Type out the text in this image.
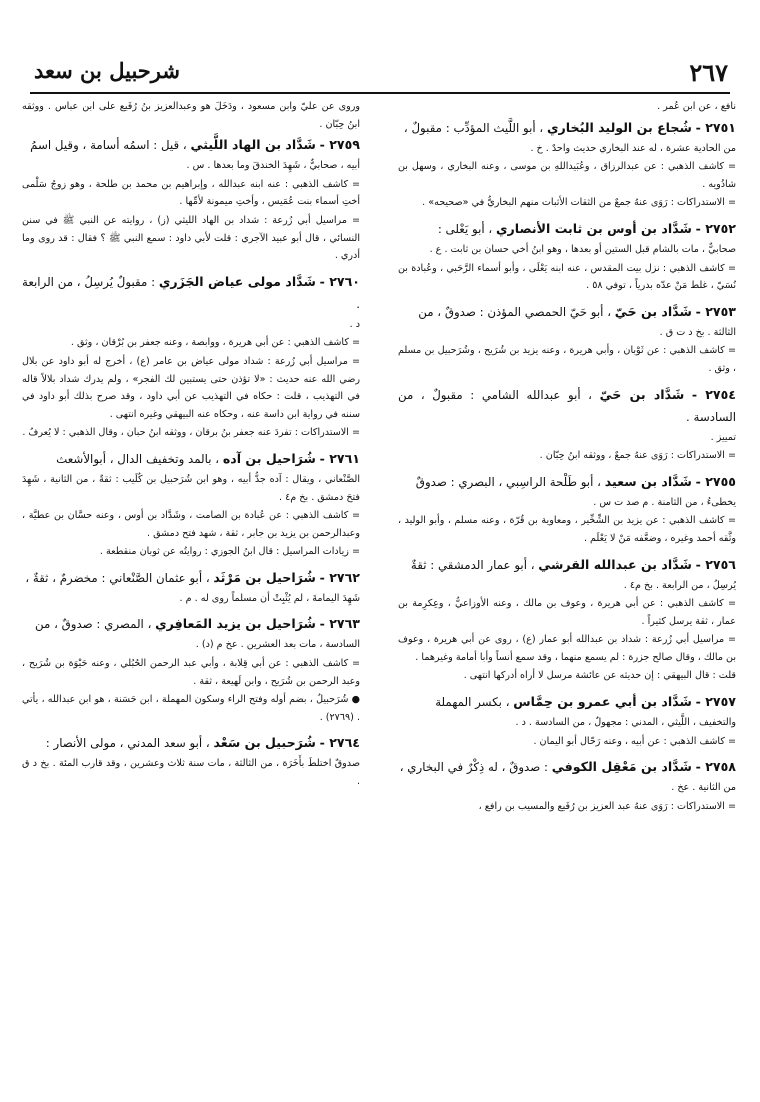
٢٦٧
شرحبيل بن سعد

نافع ، عن ابن عُمر .

٢٧٥١ - شُجاع بن الوليد البُخاري ، أبو اللَّيث المؤدِّب : مقبولٌ ،

من الحادية عشرة ، له عند البخاري حديث واحدٌ . خ .

= كاشف الذهبي : عن عبدالرزاق ، وعُبَيداللهِ بن موسى ، وعنه البخاري ، وسهل بن شاذُويه .

= الاستدراكات : رَوَى عنهُ جمعٌ من الثقات الأثبات منهم البخاريُّ في «صحيحه» .

٢٧٥٢ - شَدَّاد بن أوس بن ثابت الأنصاري ، أبو يَعْلى :

صحابيٌّ ، مات بالشام قبل الستين أو بعدها ، وهو ابنُ أخي حسان بن ثابت . ع .

= كاشف الذهبي : نزل بيت المقدس ، عنه ابنه يَعْلَى ، وأبو أسماء الرَّحَبي ، وعُبادة بن نُسَيّ ، غلط مَنْ عدّه بدرياً ، توفي ٥٨ .

٢٧٥٣ - شَدَّاد بن حَيّ ، أبو حَيّ الحمصي المؤذن : صدوقٌ ، من

الثالثة . بخ د ت ق .

= كاشف الذهبي : عن ثَوْبان ، وأبي هريرة ، وعنه يزيد بن شُرَيح ، وشُرَحبيل بن مسلم ، وثق .

٢٧٥٤ - شَدَّاد بن حَيّ ، أبو عبدالله الشامي : مقبولٌ ، من السادسة .

تمييز .

= الاستدراكات : رَوَى عنهُ جمعٌ ، ووثقه ابنُ حِبّان .

٢٧٥٥ - شَدَّاد بن سعيد ، أبو طَلْحة الراسِبي ، البصري : صدوقٌ

يخطىءُ ، من الثامنة . م صد ت س .

= كاشف الذهبي : عن يزيد بن الشِّخِّير ، ومعاوية بن قُرّة ، وعنه مسلم ، وأبو الوليد ، وثَّقه أحمد وغيره ، وضعَّفه مَنْ لا يَعْلَم .

٢٧٥٦ - شَدَّاد بن عبدالله القرشي ، أبو عمار الدمشقي : ثقةٌ

يُرسِلُ ، من الرابعة . بخ م٤ .

= كاشف الذهبي : عن أبي هريرة ، وعوف بن مالك ، وعنه الأوزاعيُّ ، وعِكرِمة بن عمار ، ثقة يرسل كثيراً .

= مراسيل أبي زُرعة : شداد بن عبدالله أبو عمار (ع) ، روى عن أبي هريرة ، وعوف بن مالك ، وقال صالح جزرة : لم يسمع منهما ، وقد سمع أنساً وأبا أمامة وغيرهما .

قلت : قال البيهقي : إن حديثه عن عائشة مرسل لا أراه أدركها انتهى .

٢٧٥٧ - شَدَّاد بن أبي عمرو بن حِمَّاس ، بكسر المهملة

والتخفيف ، اللَّيثي ، المدني : مجهولٌ ، من السادسة . د .

= كاشف الذهبي : عن أبيه ، وعنه رَحّال أبو اليمان .

٢٧٥٨ - شَدَّاد بن مَعْقِل الكوفي : صدوقٌ ، له ذِكْرٌ في البخاري ،

من الثانية . عخ .

= الاستدراكات : رَوَى عنهُ عبد العزيز بن رُفَيع والمسيب بن رافع ،

وروى عن عليّ وابن مسعود ، ودَخَلَ هو وعبدالعزيز بنُ رُفَيع على ابن عباس . ووثقه ابنُ حِبّان .

٢٧٥٩ - شَدَّاد بن الهاد اللَّيثي ، قيل : اسمُه أسامة ، وقيل اسمُ

أبيه ، صحابيٌّ ، شَهِدَ الخندقَ وما بعدها . س .

= كاشف الذهبي : عنه ابنه عبدالله ، وإبراهيم بن محمد بن طلحة ، وهو زوجُ سَلْمى أختِ أسماء بنت عُمَيس ، وأختِ ميمونة لأمِّها .

= مراسيل أبي زُرعة : شداد بن الهاد الليثي (ز) ، روايته عن النبي ﷺ في سنن النسائي ، قال أبو عبيد الآجري : قلت لأبي داود : سمع النبي ﷺ ؟ فقال : قد روى وما أدري .

٢٧٦٠ - شَدَّاد مولى عياض الجَزَري : مقبولٌ يُرسِلُ ، من الرابعة .

د .

= كاشف الذهبي : عن أبي هريرة ، ووابصة ، وعنه جعفر بن بُرْقان ، وثق .

= مراسيل أبي زُرعة : شداد مولى عياض بن عامر (ع) ، أخرج له أبو داود عن بلال رضي الله عنه حديث : «لا تؤذن حتى يستبين لك الفجر» ، ولم يدرك شداد بلالاً قاله في التهذيب ، قلت : حكاه في التهذيب عن أبي داود ، وقد صرح بذلك أبو داود في سننه في رواية ابن داسة عنه ، وحكاه عنه البيهقي وغيره انتهى .

= الاستدراكات : تفردَ عنه جعفر بنُ برقان ، ووثقه ابنُ حبان ، وقال الذهبي : لا يُعرفُ .

٢٧٦١ - شُرَاحيل بن آده ، بالمد وتخفيف الدال ، أبوالأشعث

الصَّنْعاني ، ويقال : آده جدُّ أبيه ، وهو ابن شُرَحبيل بن كُلَيب : ثقةٌ ، من الثانية ، شَهِدَ فتحَ دمشق . بخ م٤ .

= كاشف الذهبي : عن عُبادة بن الصامت ، وشَدَّاد بن أوس ، وعنه حسَّان بن عطيَّة ، وعبدالرحمن بن يزيد بن جابر ، ثقة ، شهد فتح دمشق .

= زيادات المراسيل : قال ابنُ الجوزي : روايتُه عن ثوبان منقطعة .

٢٧٦٢ - شُرَاحيل بن مَرْثَد ، أبو عثمان الصَّنْعاني : مخضرمٌ ، ثقةٌ ،

شَهِدَ اليمامةَ ، لم يُثْبِتْ أن مسلماً روى له . م .

٢٧٦٣ - شُرَاحيل بن يزيد المَعافِري ، المصري : صدوقٌ ، من

السادسة ، مات بعد العشرين . عخ م (د) .

= كاشف الذهبي : عن أبي قِلابة ، وأبي عبد الرحمن الحُبُلي ، وعنه حَيْوَة بن شُرَيح ، وعبد الرحمن بن شُرَيح ، وابن لَهيعة ، ثقة .

● شُرَحبيلُ ، بضم أوله وفتح الراء وسكون المهملة ، ابن حَسَنة ، هو ابن عبدالله ، يأتي . (٢٧٦٩) .

٢٧٦٤ - شُرَحبيل بن سَعْد ، أبو سعد المدني ، مولى الأنصار :

صدوقٌ اختلطَ بأَخَرَة ، من الثالثة ، مات سنة ثلاث وعشرين ، وقد قارب المئة . بخ د ق .
